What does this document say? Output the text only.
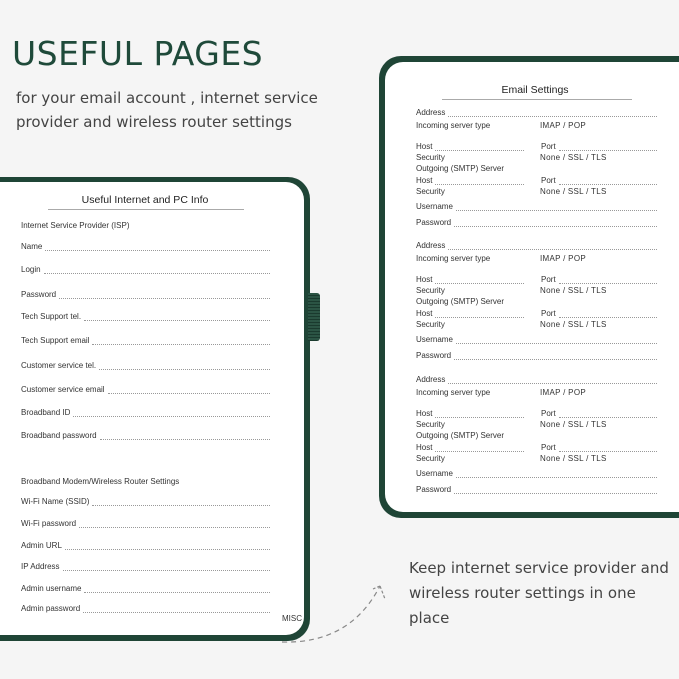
USEFUL PAGES
for your email account , internet service provider and wireless router settings
Useful Internet and PC Info
Internet Service Provider (ISP)
Name
Login
Password
Tech Support tel.
Tech Support email
Customer service tel.
Customer service email
Broadband ID
Broadband password
Broadband Modem/Wireless Router Settings
Wi-Fi Name (SSID)
Wi-Fi password
Admin URL
IP Address
Admin username
Admin password
MISC
Email Settings
Address
Incoming server type	IMAP / POP
Host	Port
Security	None / SSL / TLS
Outgoing (SMTP) Server
Host	Port
Security	None / SSL / TLS
Username
Password
Address
Incoming server type	IMAP / POP
Host	Port
Security	None / SSL / TLS
Outgoing (SMTP) Server
Host	Port
Security	None / SSL / TLS
Username
Password
Address
Incoming server type	IMAP / POP
Host	Port
Security	None / SSL / TLS
Outgoing (SMTP) Server
Host	Port
Security	None / SSL / TLS
Username
Password
Keep internet service provider and wireless router settings in one place
